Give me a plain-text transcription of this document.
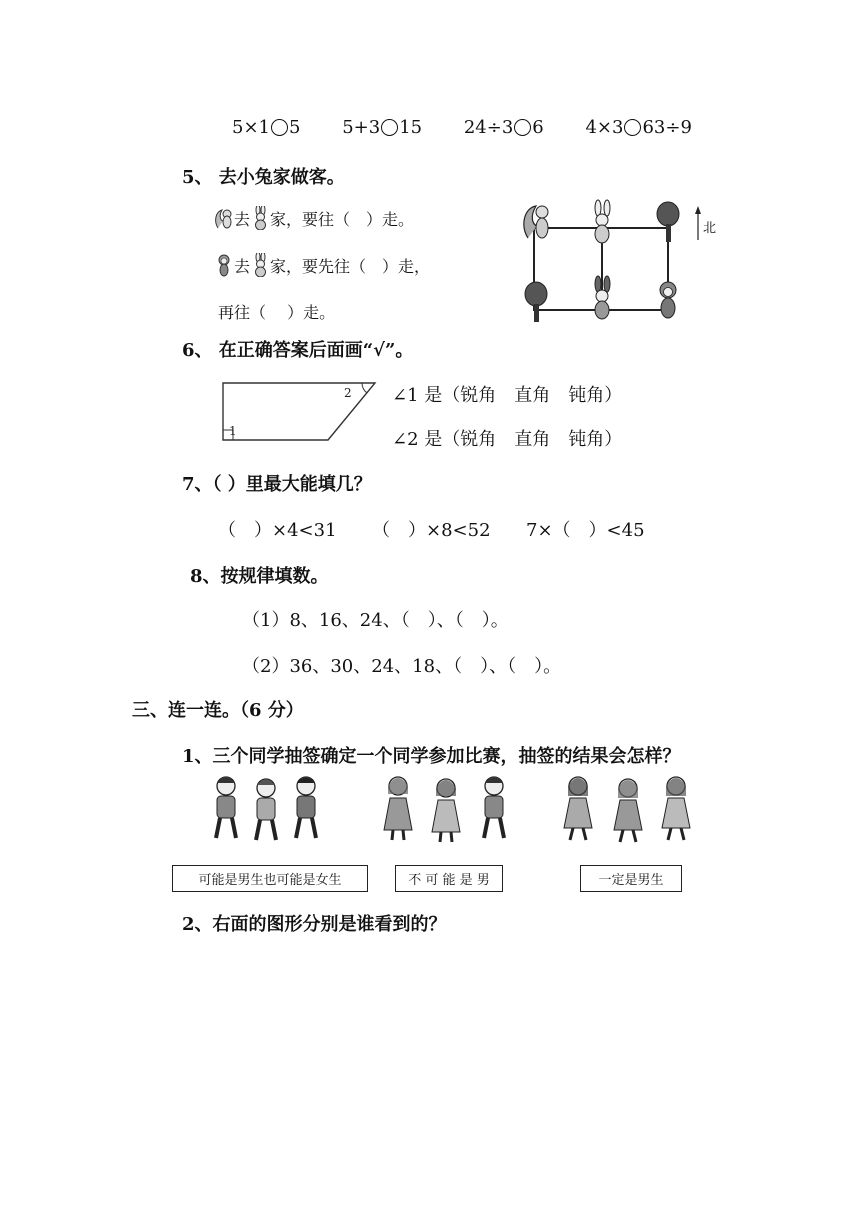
5×1 5 5+3 15 24÷3 6 4×3 63÷9
5、 去小兔家做客。
去 家，要往（　）走。
去 家，要先往（　）走，
再往（　 ）走。
北
6、 在正确答案后面画“√”。
1
2 ∠1 是（锐角　直角　钝角）
∠2 是（锐角　直角　钝角）
7、（ ）里最大能填几？
（　）×4<31 （　）×8<52 7×（　）<45
8、按规律填数。
（1）8、16、24、（　）、（　）。
（2）36、30、24、18、（　）、（　）。
三、连一连。（6 分）
1、三个同学抽签确定一个同学参加比赛，抽签的结果会怎样？
可能是男生也可能是女生	不 可 能 是 男	一定是男生
2、右面的图形分别是谁看到的？
